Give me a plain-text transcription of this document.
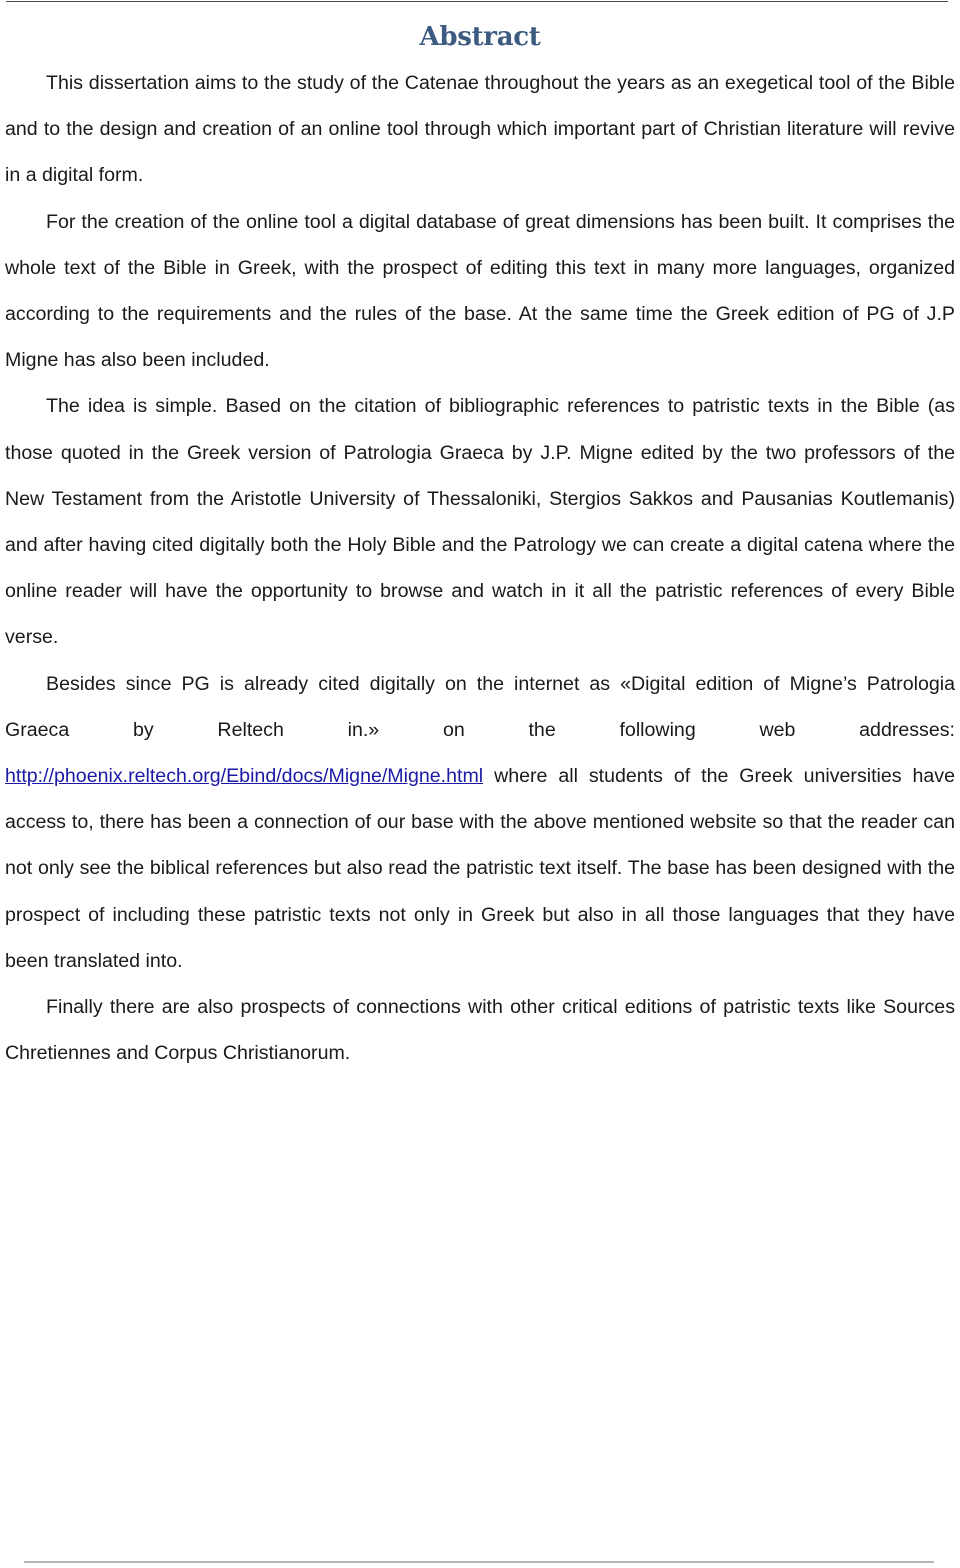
Abstract

This dissertation aims to the study of the Catenae throughout the years as an exegetical tool of the Bible and to the design and creation of an online tool through which important part of Christian literature will revive in a digital form.

For the creation of the online tool a digital database of great dimensions has been built. It comprises the whole text of the Bible in Greek, with the prospect of editing this text in many more languages, organized according to the requirements and the rules of the base. At the same time the Greek edition of PG of J.P Migne has also been included.

The idea is simple. Based on the citation of bibliographic references to patristic texts in the Bible (as those quoted in the Greek version of Patrologia Graeca by J.P. Migne edited by the two professors of the New Testament from the Aristotle University of Thessaloniki, Stergios Sakkos and Pausanias Koutlemanis) and after having cited digitally both the Holy Bible and the Patrology we can create a digital catena where the online reader will have the opportunity to browse and watch in it all the patristic references of every Bible verse.

Besides since PG is already cited digitally on the internet as «Digital edition of Migne’s Patrologia Graeca by Reltech in.» on the following web addresses: http://phoenix.reltech.org/Ebind/docs/Migne/Migne.html where all students of the Greek universities have access to, there has been a connection of our base with the above mentioned website so that the reader can not only see the biblical references but also read the patristic text itself. The base has been designed with the prospect of including these patristic texts not only in Greek but also in all those languages that they have been translated into.

Finally there are also prospects of connections with other critical editions of patristic texts like Sources Chretiennes and Corpus Christianorum.
